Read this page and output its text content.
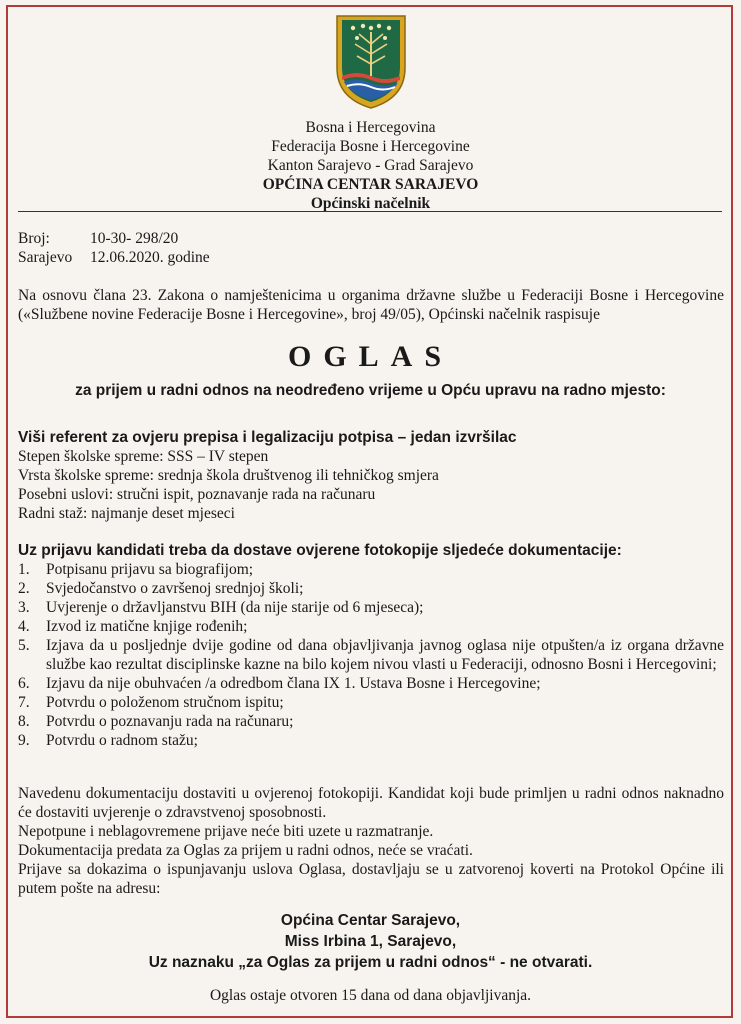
Bosna i Hercegovina
Federacija Bosne i Hercegovine
Kanton Sarajevo - Grad Sarajevo
OPĆINA CENTAR SARAJEVO
Općinski načelnik
Broj:	10-30- 298/20
Sarajevo 12.06.2020. godine
Na osnovu člana 23. Zakona o namještenicima u organima državne službe u Federaciji Bosne i Hercegovine («Službene novine Federacije Bosne i Hercegovine», broj 49/05), Općinski načelnik raspisuje
OGLAS
za prijem u radni odnos na neodređeno vrijeme u Opću upravu na radno mjesto:
Viši referent za ovjeru prepisa i legalizaciju potpisa – jedan izvršilac
Stepen školske spreme: SSS – IV stepen
Vrsta školske spreme: srednja škola društvenog ili tehničkog smjera
Posebni uslovi: stručni ispit, poznavanje rada na računaru
Radni staž: najmanje deset mjeseci
Uz prijavu kandidati treba da dostave ovjerene fotokopije sljedeće dokumentacije:
1.	Potpisanu prijavu sa biografijom;
2.	Svjedočanstvo o završenoj srednjoj školi;
3.	Uvjerenje o državljanstvu BIH (da nije starije od 6 mjeseca);
4.	Izvod iz matične knjige rođenih;
5.	Izjava da u posljednje dvije godine od dana objavljivanja javnog oglasa nije otpušten/a iz organa državne službe kao rezultat disciplinske kazne na bilo kojem nivou vlasti u Federaciji, odnosno Bosni i Hercegovini;
6.	Izjavu da nije obuhvaćen /a odredbom člana IX 1. Ustava Bosne i Hercegovine;
7.	Potvrdu o položenom stručnom ispitu;
8.	Potvrdu o poznavanju rada na računaru;
9.	Potvrdu o radnom stažu;
Navedenu dokumentaciju dostaviti u ovjerenoj fotokopiji. Kandidat koji bude primljen u radni odnos naknadno će dostaviti uvjerenje o zdravstvenoj sposobnosti.
Nepotpune i neblagovremene prijave neće biti uzete u razmatranje.
Dokumentacija predata za Oglas za prijem u radni odnos, neće se vraćati.
Prijave sa dokazima o ispunjavanju uslova Oglasa, dostavljaju se u zatvorenoj koverti na Protokol Općine ili putem pošte na adresu:
Općina Centar Sarajevo,
Miss Irbina 1, Sarajevo,
Uz naznaku „za Oglas za prijem u radni odnos“ - ne otvarati.
Oglas ostaje otvoren 15 dana od dana objavljivanja.
